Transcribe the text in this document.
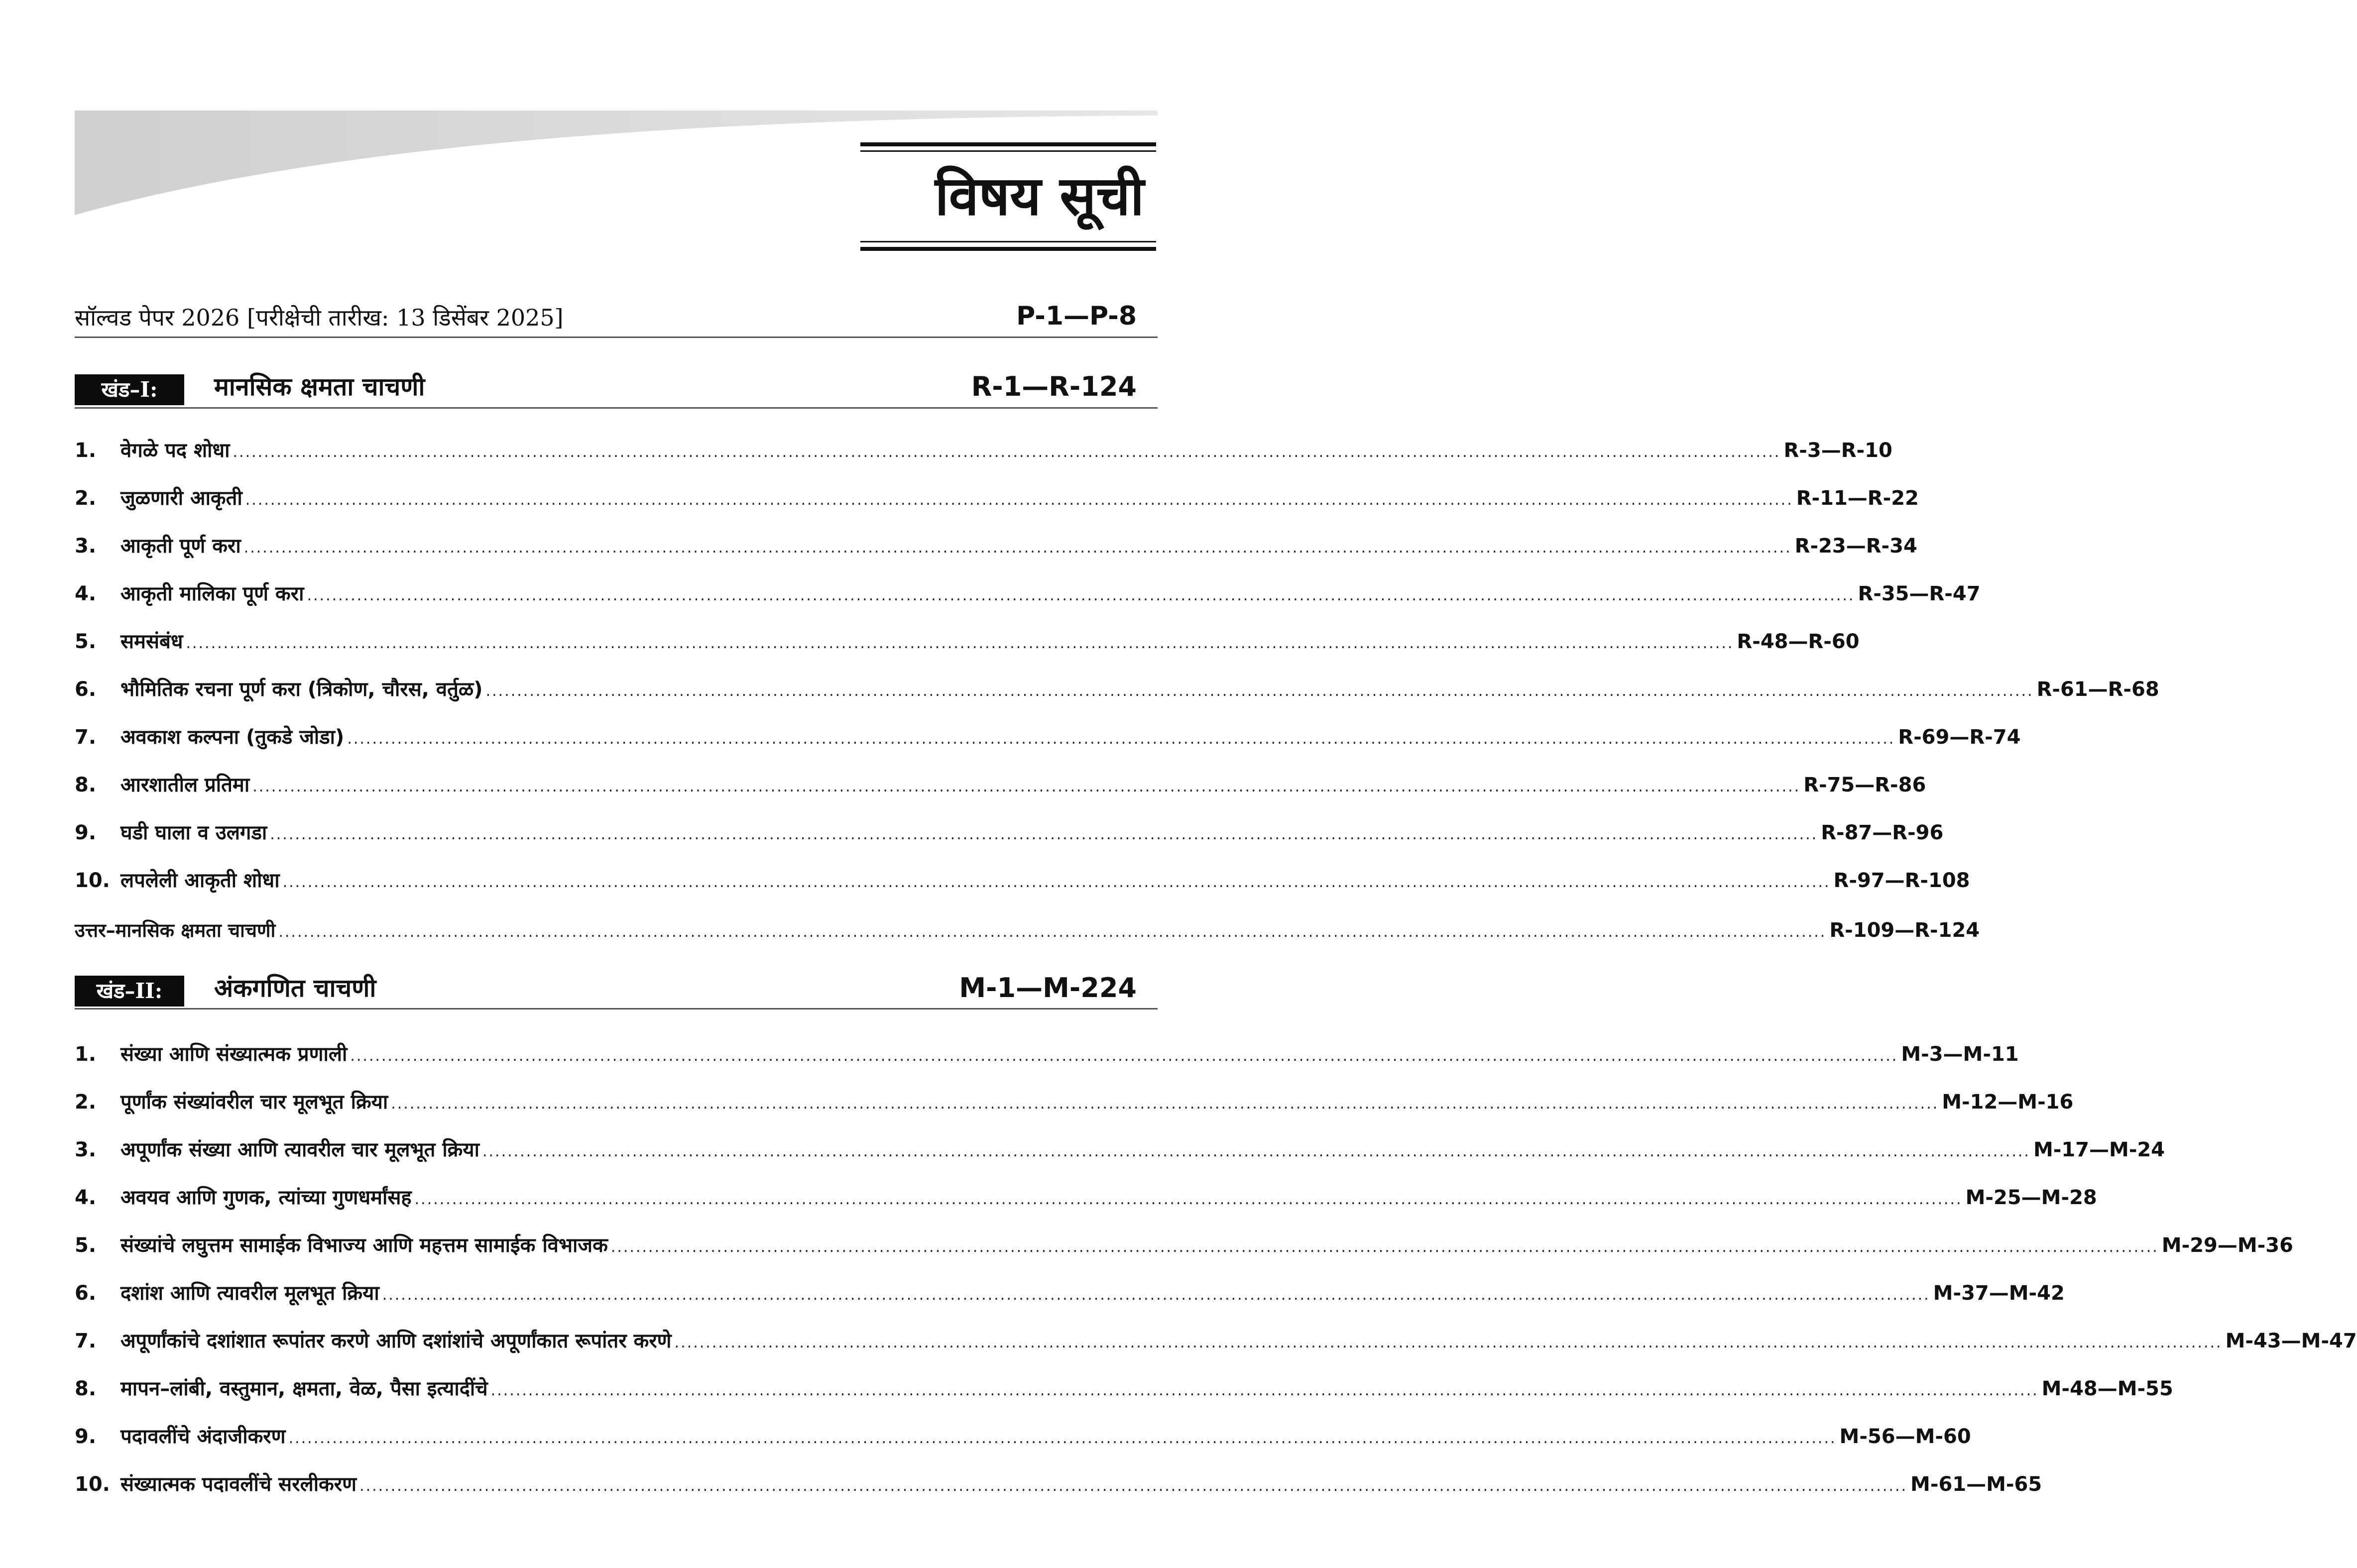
विषय सूची
सॉल्वड पेपर 2026 [परीक्षेची तारीख: 13 डिसेंबर 2025]	P-1—P-8
खंड–I:	मानसिक क्षमता चाचणी	R-1—R-124
1.	वेगळे पद शोधा ........................................................................................................................................................................................................................................................ R-3—R-10
2.	जुळणारी आकृती ........................................................................................................................................................................................................................................................ R-11—R-22
3.	आकृती पूर्ण करा ........................................................................................................................................................................................................................................................ R-23—R-34
4.	आकृती मालिका पूर्ण करा ........................................................................................................................................................................................................................................................ R-35—R-47
5.	समसंबंध ........................................................................................................................................................................................................................................................ R-48—R-60
6.	भौमितिक रचना पूर्ण करा (त्रिकोण, चौरस, वर्तुळ) ........................................................................................................................................................................................................................................................ R-61—R-68
7.	अवकाश कल्पना (तुकडे जोडा) ........................................................................................................................................................................................................................................................ R-69—R-74
8.	आरशातील प्रतिमा ........................................................................................................................................................................................................................................................ R-75—R-86
9.	घडी घाला व उलगडा ........................................................................................................................................................................................................................................................ R-87—R-96
10. लपलेली आकृती शोधा ........................................................................................................................................................................................................................................................ R-97—R-108
उत्तर–मानसिक क्षमता चाचणी ........................................................................................................................................................................................................................................................ R-109—R-124
खंड–II:	अंकगणित चाचणी	M-1—M-224
1.	संख्या आणि संख्यात्मक प्रणाली ........................................................................................................................................................................................................................................................ M-3—M-11
2.	पूर्णांक संख्यांवरील चार मूलभूत क्रिया ........................................................................................................................................................................................................................................................ M-12—M-16
3.	अपूर्णांक संख्या आणि त्यावरील चार मूलभूत क्रिया ........................................................................................................................................................................................................................................................ M-17—M-24
4.	अवयव आणि गुणक, त्यांच्या गुणधर्मांसह ........................................................................................................................................................................................................................................................ M-25—M-28
5.	संख्यांचे लघुत्तम सामाईक विभाज्य आणि महत्तम सामाईक विभाजक ........................................................................................................................................................................................................................................................ M-29—M-36
6.	दशांश आणि त्यावरील मूलभूत क्रिया ........................................................................................................................................................................................................................................................ M-37—M-42
7.	अपूर्णांकांचे दशांशात रूपांतर करणे आणि दशांशांचे अपूर्णांकात रूपांतर करणे ........................................................................................................................................................................................................................................................ M-43—M-47
8.	मापन–लांबी, वस्तुमान, क्षमता, वेळ, पैसा इत्यादींचे ........................................................................................................................................................................................................................................................ M-48—M-55
9.	पदावलींचे अंदाजीकरण ........................................................................................................................................................................................................................................................ M-56—M-60
10. संख्यात्मक पदावलींचे सरलीकरण ........................................................................................................................................................................................................................................................ M-61—M-65
